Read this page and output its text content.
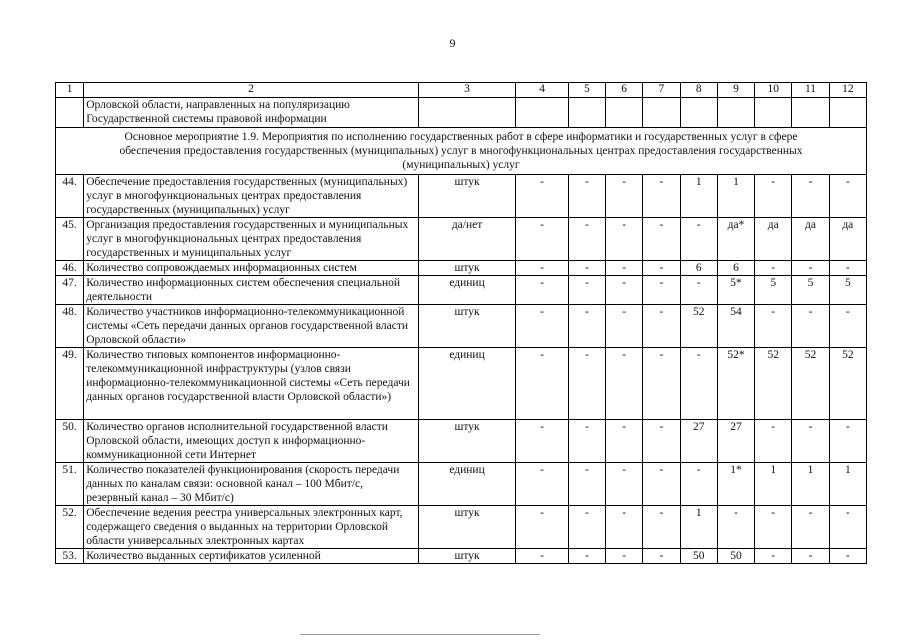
9
1	2	3	4	5	6	7	8	9	10	11	12
	Орловской области, направленных на популяризацию Государственной системы правовой информации										
Основное мероприятие 1.9. Мероприятия по исполнению государственных работ в сфере информатики и государственных услуг в сфере обеспечения предоставления государственных (муниципальных) услуг в многофункциональных центрах предоставления государственных (муниципальных) услуг											
44.	Обеспечение предоставления государственных (муниципальных) услуг в многофункциональных центрах предоставления государственных (муниципальных) услуг	штук	-	-	-	-	1	1	-	-	-
45.	Организация предоставления государственных и муниципальных услуг в многофункциональных центрах предоставления государственных и муниципальных услуг	да/нет	-	-	-	-	-	да*	да	да	да
46.	Количество сопровождаемых информационных систем	штук	-	-	-	-	6	6	-	-	-
47.	Количество информационных систем обеспечения специальной деятельности	единиц	-	-	-	-	-	5*	5	5	5
48.	Количество участников информационно-телекоммуникационной системы «Сеть передачи данных органов государственной власти Орловской области»	штук	-	-	-	-	52	54	-	-	-
49.	Количество типовых компонентов информационно-телекоммуникационной инфраструктуры (узлов связи информационно-телекоммуникационной системы «Сеть передачи данных органов государственной власти Орловской области»)	единиц	-	-	-	-	-	52*	52	52	52
50.	Количество органов исполнительной государственной власти Орловской области, имеющих доступ к информационно-коммуникационной сети Интернет	штук	-	-	-	-	27	27	-	-	-
51.	Количество показателей функционирования (скорость передачи данных по каналам связи: основной канал – 100 Мбит/с, резервный канал – 30 Мбит/с)	единиц	-	-	-	-	-	1*	1	1	1
52.	Обеспечение ведения реестра универсальных электронных карт, содержащего сведения о выданных на территории Орловской области универсальных электронных картах	штук	-	-	-	-	1	-	-	-	-
53.	Количество выданных сертификатов усиленной	штук	-	-	-	-	50	50	-	-	-
